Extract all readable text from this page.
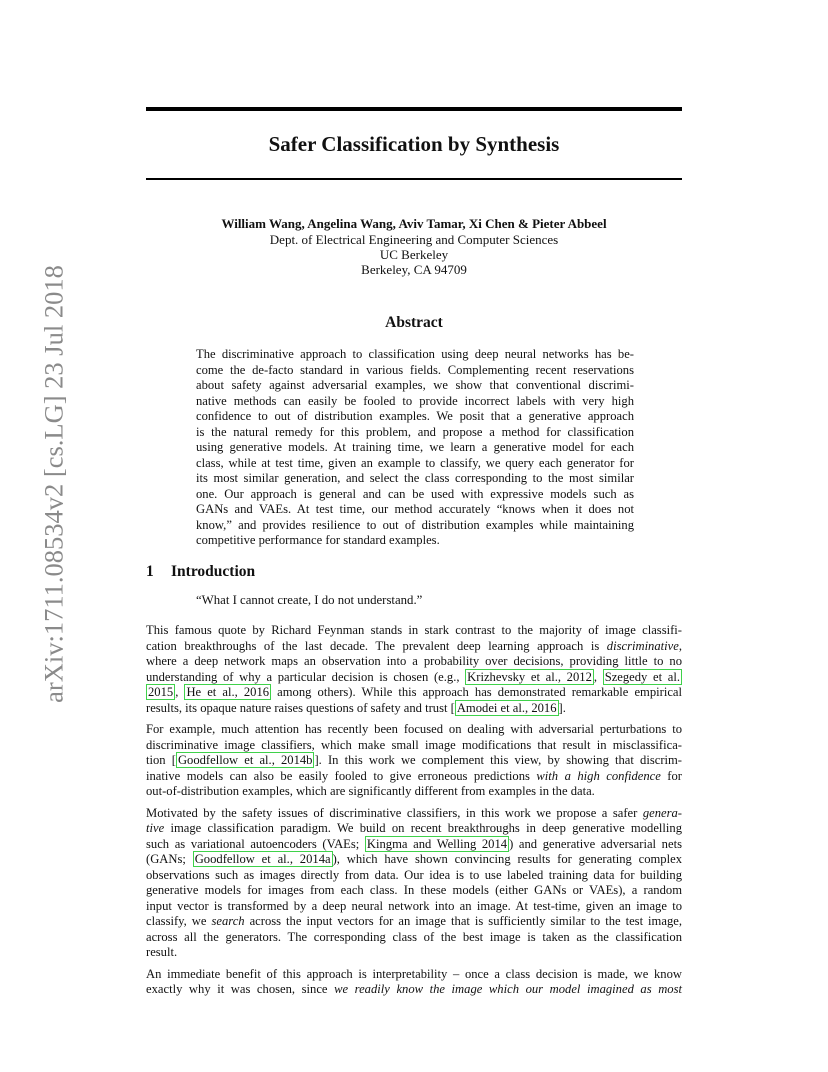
arXiv:1711.08534v2 [cs.LG] 23 Jul 2018
Safer Classification by Synthesis
William Wang, Angelina Wang, Aviv Tamar, Xi Chen & Pieter Abbeel
Dept. of Electrical Engineering and Computer Sciences
UC Berkeley
Berkeley, CA 94709
Abstract
The discriminative approach to classification using deep neural networks has be-
come the de-facto standard in various fields. Complementing recent reservations
about safety against adversarial examples, we show that conventional discrimi-
native methods can easily be fooled to provide incorrect labels with very high
confidence to out of distribution examples. We posit that a generative approach
is the natural remedy for this problem, and propose a method for classification
using generative models. At training time, we learn a generative model for each
class, while at test time, given an example to classify, we query each generator for
its most similar generation, and select the class corresponding to the most similar
one. Our approach is general and can be used with expressive models such as
GANs and VAEs. At test time, our method accurately “knows when it does not
know,” and provides resilience to out of distribution examples while maintaining
competitive performance for standard examples.
1 Introduction
“What I cannot create, I do not understand.”
This famous quote by Richard Feynman stands in stark contrast to the majority of image classifi-
cation breakthroughs of the last decade. The prevalent deep learning approach is discriminative,
where a deep network maps an observation into a probability over decisions, providing little to no
understanding of why a particular decision is chosen (e.g., Krizhevsky et al., 2012 , Szegedy et al.
2015 , He et al., 2016 among others). While this approach has demonstrated remarkable empirical
results, its opaque nature raises questions of safety and trust [ Amodei et al., 2016 ].
For example, much attention has recently been focused on dealing with adversarial perturbations to
discriminative image classifiers, which make small image modifications that result in misclassifica-
tion [ Goodfellow et al., 2014b ]. In this work we complement this view, by showing that discrim-
inative models can also be easily fooled to give erroneous predictions with a high confidence for
out-of-distribution examples, which are significantly different from examples in the data.
Motivated by the safety issues of discriminative classifiers, in this work we propose a safer genera-
tive image classification paradigm. We build on recent breakthroughs in deep generative modelling
such as variational autoencoders (VAEs; Kingma and Welling 2014 ) and generative adversarial nets
(GANs; Goodfellow et al., 2014a ), which have shown convincing results for generating complex
observations such as images directly from data. Our idea is to use labeled training data for building
generative models for images from each class. In these models (either GANs or VAEs), a random
input vector is transformed by a deep neural network into an image. At test-time, given an image to
classify, we search across the input vectors for an image that is sufficiently similar to the test image,
across all the generators. The corresponding class of the best image is taken as the classification
result.
An immediate benefit of this approach is interpretability – once a class decision is made, we know
exactly why it was chosen, since we readily know the image which our model imagined as most
